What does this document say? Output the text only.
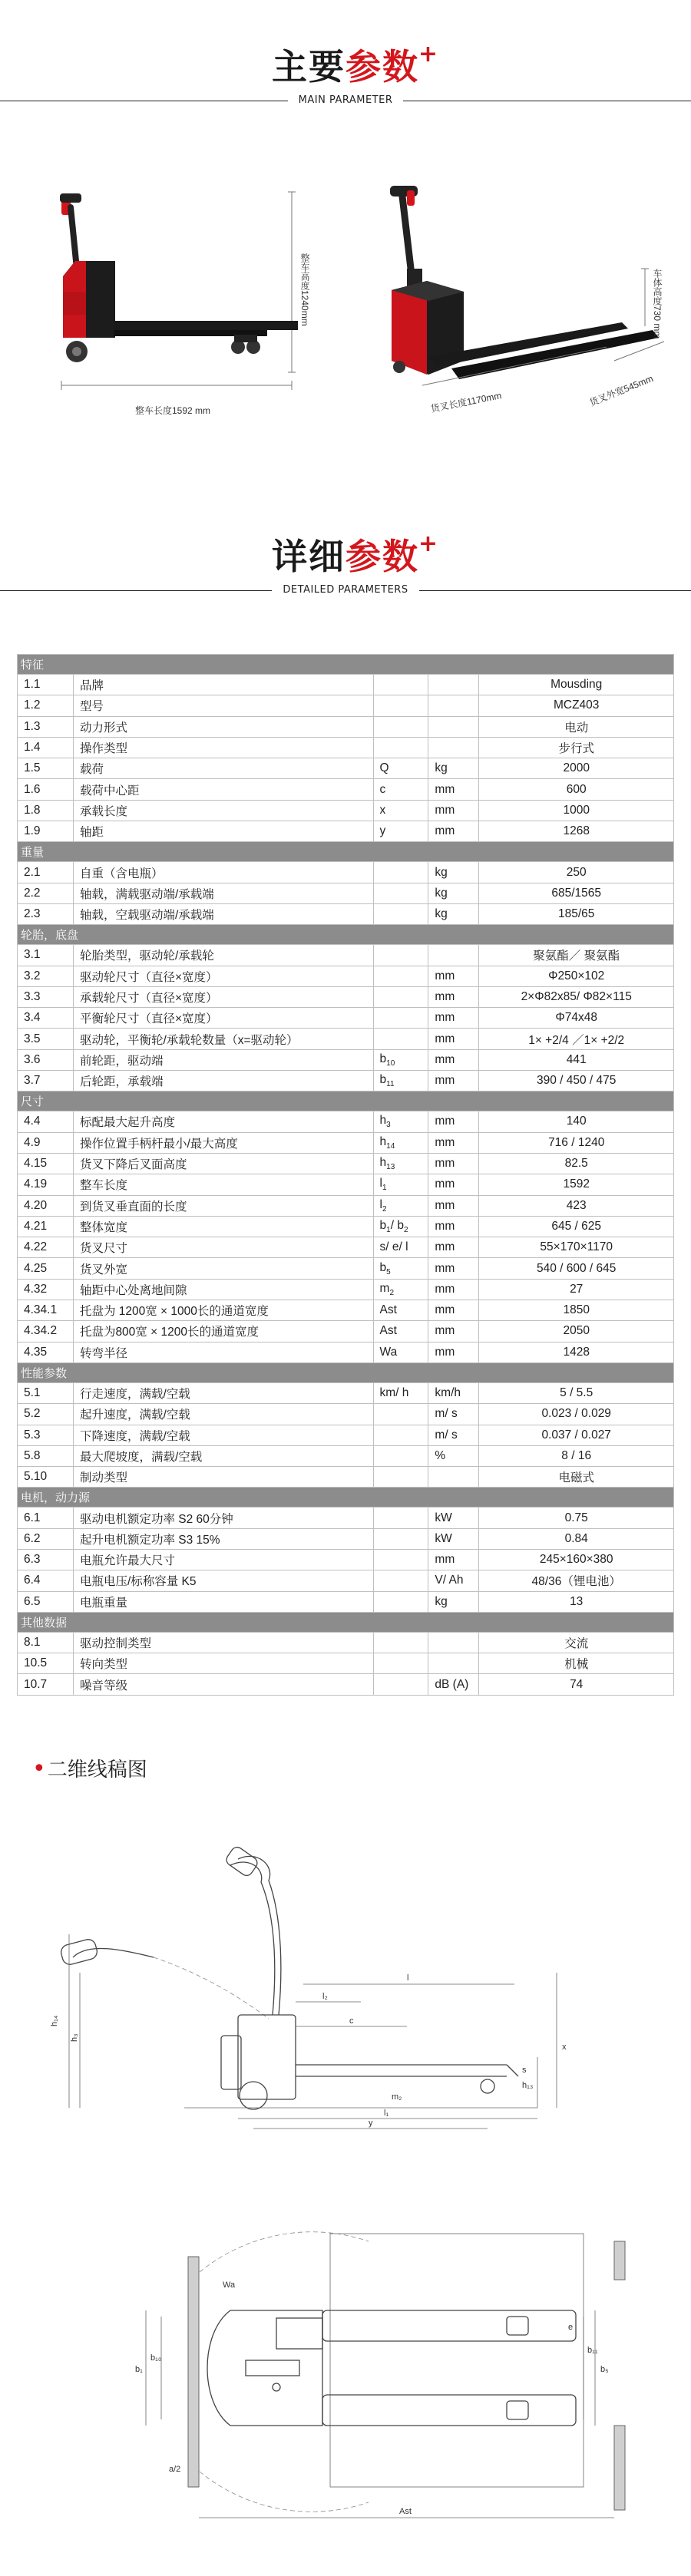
主要参数
+
MAIN PARAMETER
整车高度1240mm
整车长度1592 mm
车体高度730 mm
货叉长度1170mm	货叉外宽545mm
详细参数
+
DETAILED PARAMETERS
特征				
1.1	品牌			Mousding
1.2	型号			MCZ403
1.3	动力形式			电动
1.4	操作类型			步行式
1.5	载荷	Q	kg	2000
1.6	载荷中心距	c	mm	600
1.8	承载长度	x	mm	1000
1.9	轴距	y	mm	1268
重量				
2.1	自重（含电瓶）		kg	250
2.2	轴载，满载驱动端/承载端		kg	685/1565
2.3	轴载，空载驱动端/承载端		kg	185/65
轮胎，底盘				
3.1	轮胎类型，驱动轮/承载轮			聚氨酯／ 聚氨酯
3.2	驱动轮尺寸（直径×宽度）		mm	Φ250×102
3.3	承载轮尺寸（直径×宽度）		mm	2×Φ82x85/ Φ82×115
3.4	平衡轮尺寸（直径×宽度）		mm	Φ74x48
3.5	驱动轮，平衡轮/承载轮数量（x=驱动轮）		mm	1× +2/4 ／1× +2/2
3.6	前轮距，驱动端	$b_{10}$	mm	441
3.7	后轮距，承载端	$b_{11}$	mm	390 / 450 / 475
尺寸				
4.4	标配最大起升高度	$h_3$	mm	140
4.9	操作位置手柄杆最小/最大高度	$h_{14}$	mm	716 / 1240
4.15	货叉下降后叉面高度	$h_{13}$	mm	82.5
4.19	整车长度	$l_1$	mm	1592
4.20	到货叉垂直面的长度	$l_2$	mm	423
4.21	整体宽度	$b_1/$ $b_2$	mm	645 / 625
4.22	货叉尺寸	s/ e/ l	mm	55×170×1170
4.25	货叉外宽	$b_5$	mm	540 / 600 / 645
4.32	轴距中心处离地间隙	$m_2$	mm	27
4.34.1	托盘为 1200宽 × 1000长的通道宽度	Ast	mm	1850
4.34.2	托盘为800宽 × 1200长的通道宽度	Ast	mm	2050
4.35	转弯半径	Wa	mm	1428
性能参数				
5.1	行走速度，满载/空载	km/ h	km/h	5 / 5.5
5.2	起升速度，满载/空载		m/ s	0.023 / 0.029
5.3	下降速度，满载/空载		m/ s	0.037 / 0.027
5.8	最大爬坡度，满载/空载		%	8 / 16
5.10	制动类型			电磁式
电机，动力源				
6.1	驱动电机额定功率 S2 60分钟		kW	0.75
6.2	起升电机额定功率 S3 15%		kW	0.84
6.3	电瓶允许最大尺寸		mm	245×160×380
6.4	电瓶电压/标称容量 K5		V/ Ah	48/36（锂电池）
6.5	电瓶重量		kg	13
其他数据				
8.1	驱动控制类型			交流
10.5	转向类型			机械
10.7	噪音等级		dB (A)	74
•二维线稿图
h₁₄
h₃
l
l₂
c
l₁
y
x
h₁₃
m₂
s
b₁
b₁₀
b₅
b₁₁
e
Wa
a/2
Ast
